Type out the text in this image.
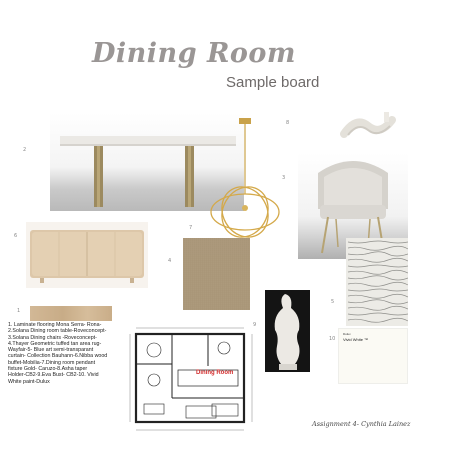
Dining Room
Sample board
2
8
3
6
4
7
5
1
9
10
Dulux
Vivid White ™
1. Laminate flooring Mona Serra- Rona-
2.Solana Dining room table-Roveconcept-
3.Solana Dining chairs -Roveconcept-
4.Thayer Geometric tuffed tan area rug-
Wayfair-5- Blue art semi-transparant
curtain- Collection Bauhann-6.Nibba wood
buffet-Mobilia-7.Dining room pendant
fixture Gold- Caruzo-8.Asha taper
Holder-CB2-9.Eva Bust- CB2-10. Vivid
White paint-Dulux
Dining Room
Assignment 4- Cynthia Lainez
